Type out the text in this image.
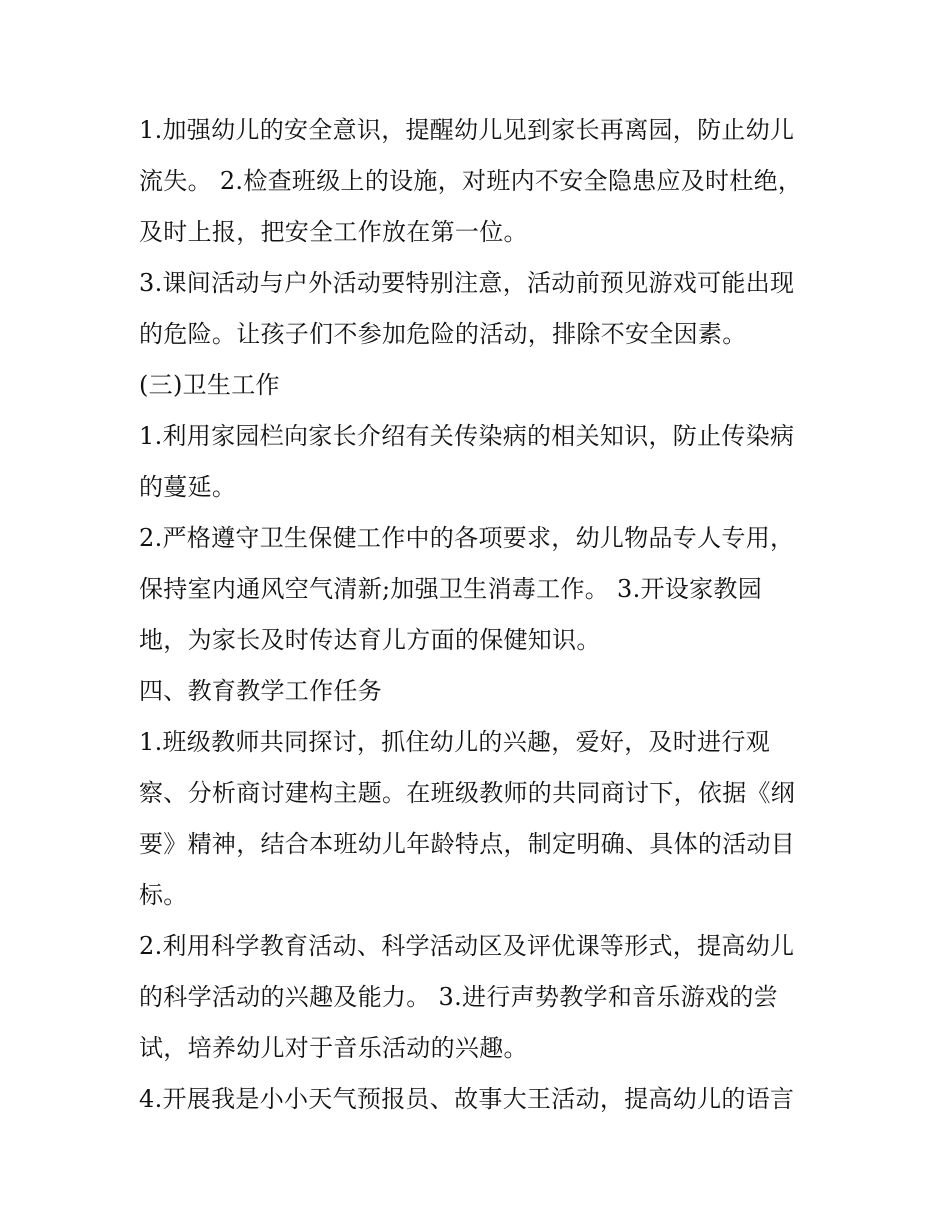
1.加强幼儿的安全意识，提醒幼儿见到家长再离园，防止幼儿
流失。 2.检查班级上的设施，对班内不安全隐患应及时杜绝，
及时上报，把安全工作放在第一位。
3.课间活动与户外活动要特别注意，活动前预见游戏可能出现
的危险。让孩子们不参加危险的活动，排除不安全因素。
(三)卫生工作
1.利用家园栏向家长介绍有关传染病的相关知识，防止传染病
的蔓延。
2.严格遵守卫生保健工作中的各项要求，幼儿物品专人专用，
保持室内通风空气清新;加强卫生消毒工作。 3.开设家教园
地，为家长及时传达育儿方面的保健知识。
四、教育教学工作任务
1.班级教师共同探讨，抓住幼儿的兴趣，爱好，及时进行观
察、分析商讨建构主题。在班级教师的共同商讨下，依据《纲
要》精神，结合本班幼儿年龄特点，制定明确、具体的活动目
标。
2.利用科学教育活动、科学活动区及评优课等形式，提高幼儿
的科学活动的兴趣及能力。 3.进行声势教学和音乐游戏的尝
试，培养幼儿对于音乐活动的兴趣。
4.开展我是小小天气预报员、故事大王活动，提高幼儿的语言
